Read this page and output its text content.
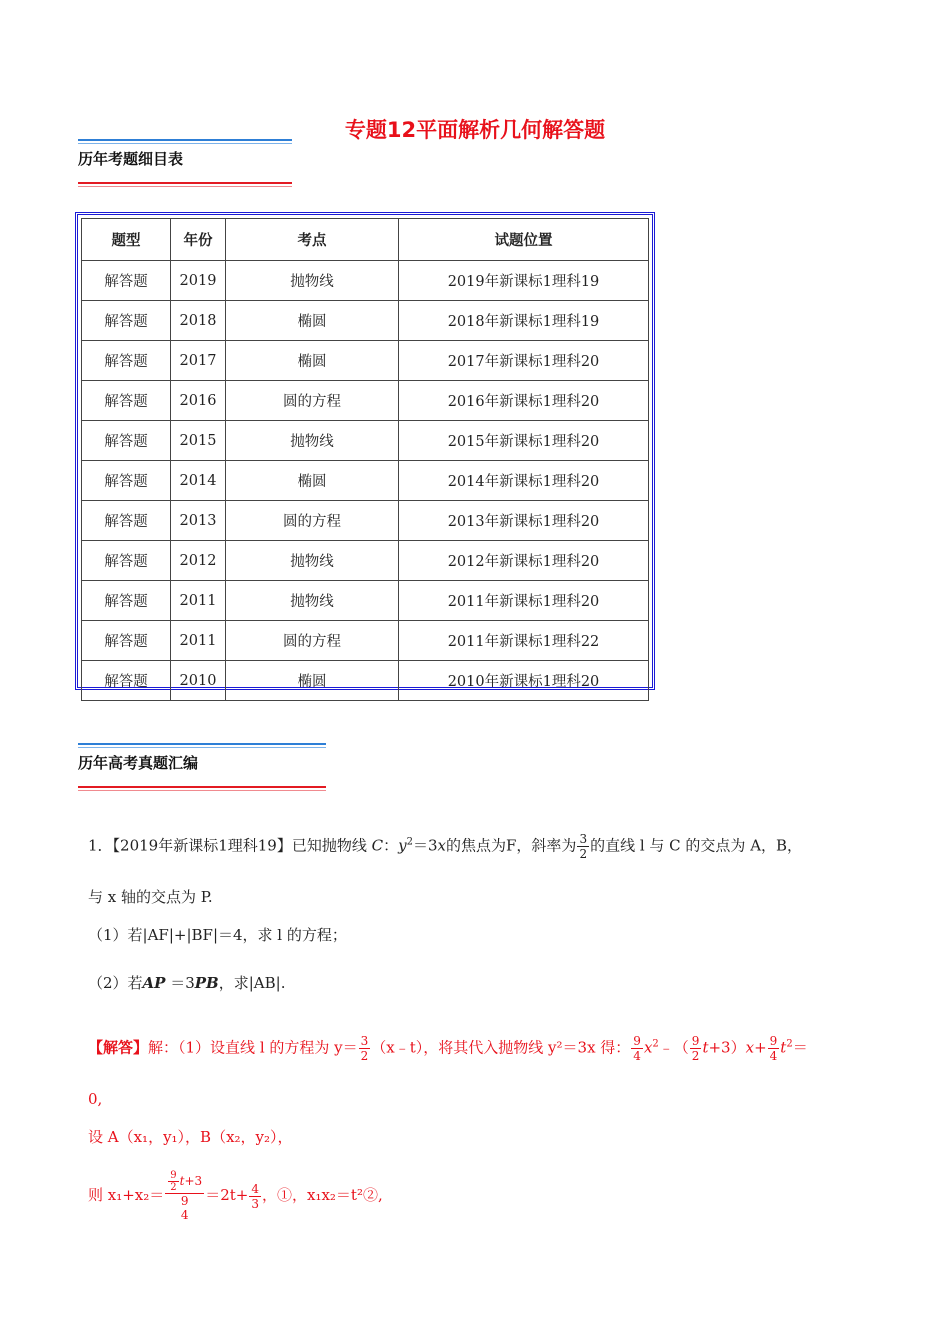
专题12平面解析几何解答题
历年考题细目表
题型	年份	考点	试题位置
解答题	2019	抛物线	2019年新课标1理科19
解答题	2018	椭圆	2018年新课标1理科19
解答题	2017	椭圆	2017年新课标1理科20
解答题	2016	圆的方程	2016年新课标1理科20
解答题	2015	抛物线	2015年新课标1理科20
解答题	2014	椭圆	2014年新课标1理科20
解答题	2013	圆的方程	2013年新课标1理科20
解答题	2012	抛物线	2012年新课标1理科20
解答题	2011	抛物线	2011年新课标1理科20
解答题	2011	圆的方程	2011年新课标1理科22
解答题	2010	椭圆	2010年新课标1理科20
历年高考真题汇编
1．【2019年新课标1理科19】已知抛物线 C：$y^2=3x$的焦点为F，斜率为 $\frac{3}{2}$ 的直线 l 与 C 的交点为 A，B，
与 x 轴的交点为 P.
（1）若|AF|+|BF|＝4，求 l 的方程；
（2）若AP ＝3PB，求|AB|.
【解答】解：（1）设直线 l 的方程为 $y= \frac{3}{2}$ （x﹣t），将其代入抛物线 y²＝3x 得： $\frac{9}{4}$ $x^2﹣( \frac{9}{2} t+3)x+ \frac{9}{4} t^2=$
0,
设 A（x₁，y₁），B（x₂，y₂），
则 x₁+x₂＝
$\frac{9}{2} t+3$
9
4
$=2t+ \frac{4}{3}$ ，①，x₁x₂＝t²②,
